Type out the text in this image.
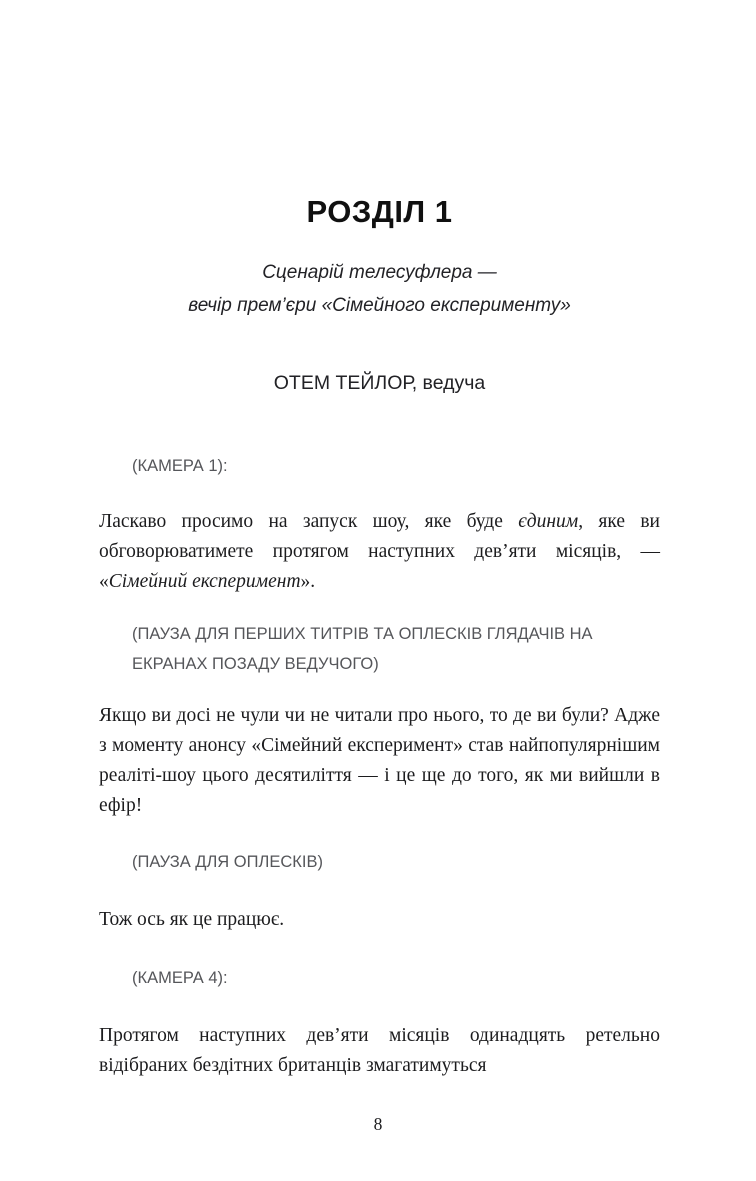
РОЗДІЛ 1
Сценарій телесуфлера —
вечір прем’єри «Сімейного експерименту»
ОТЕМ ТЕЙЛОР, ведуча

(КАМЕРА 1):

Ласкаво просимо на запуск шоу, яке буде єдиним, яке ви обговорюватимете протягом наступних дев’яти місяців, — «Сімейний експеримент».

(ПАУЗА ДЛЯ ПЕРШИХ ТИТРІВ ТА ОПЛЕСКІВ ГЛЯДАЧІВ НА ЕКРАНАХ ПОЗАДУ ВЕДУЧОГО)

Якщо ви досі не чули чи не читали про нього, то де ви були? Адже з моменту анонсу «Сімейний експеримент» став найпопулярнішим реаліті-шоу цього десятиліття — і це ще до того, як ми вийшли в ефір!

(ПАУЗА ДЛЯ ОПЛЕСКІВ)

Тож ось як це працює.

(КАМЕРА 4):

Протягом наступних дев’яти місяців одинадцять ретельно відібраних бездітних британців змагатимуться

8
